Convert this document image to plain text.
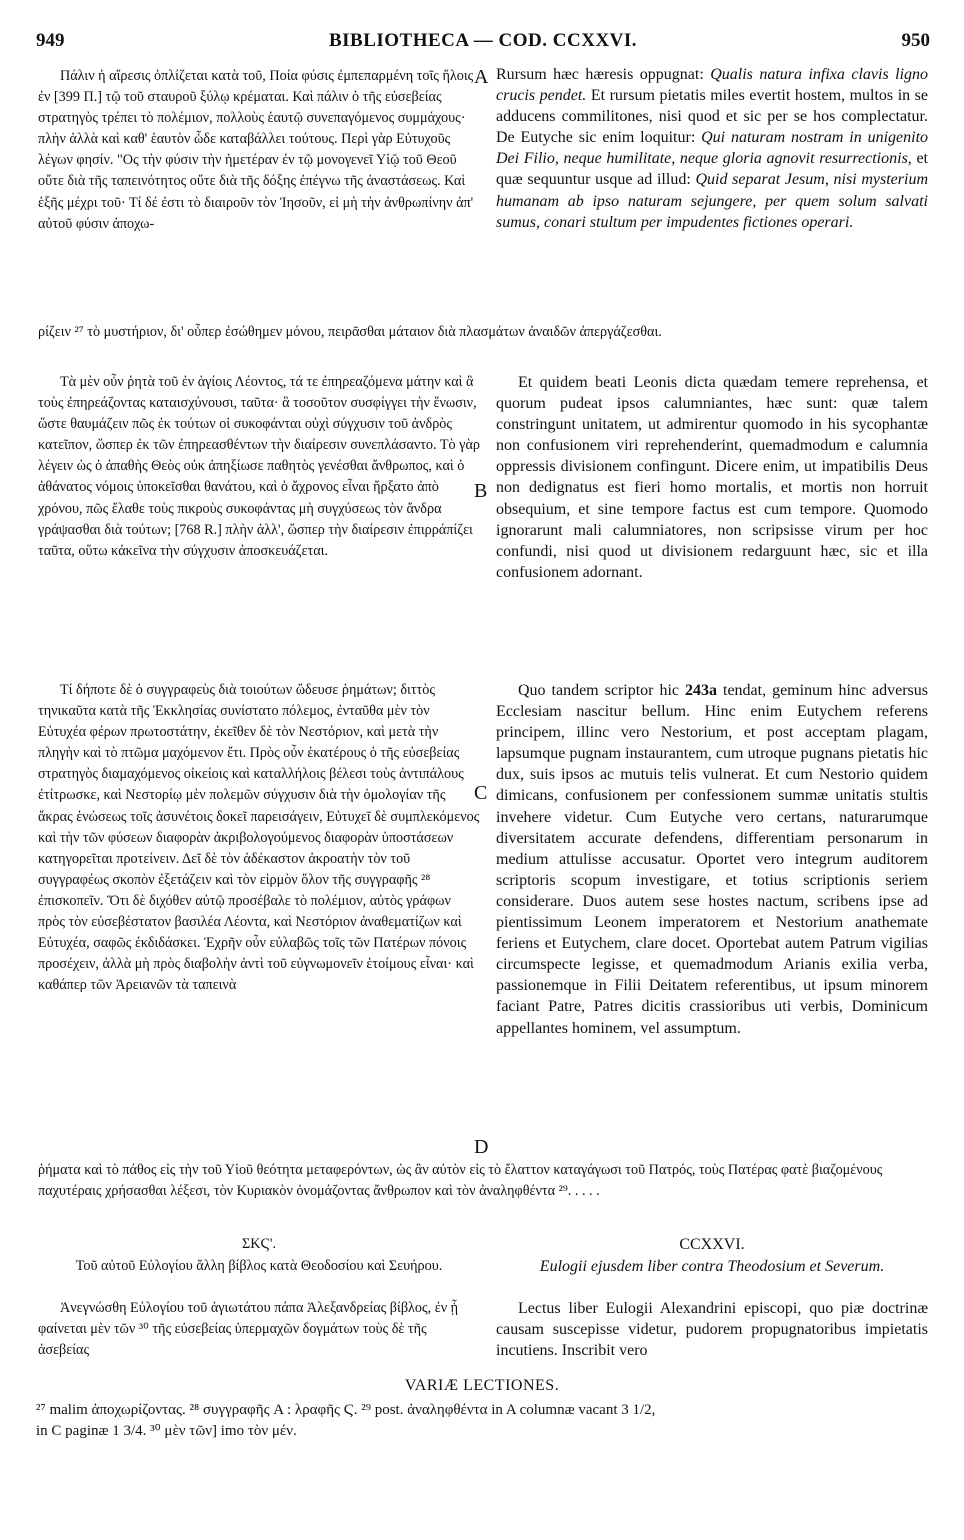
949	BIBLIOTHECA — COD. CCXXVI.	950

Πάλιν ἡ αἵρεσις ὁπλίζεται κατὰ τοῦ, Ποία φύσις ἐμπεπαρμένη τοῖς ἥλοις ἐν [399 Π.] τῷ τοῦ σταυροῦ ξύλῳ κρέμαται. Καὶ πάλιν ὁ τῆς εὐσεβείας στρατηγὸς τρέπει τὸ πολέμιον, πολλοὺς ἑαυτῷ συνεπαγόμενος συμμάχους· πλὴν ἀλλὰ καὶ καθ' ἑαυτὸν ὧδε καταβάλλει τούτους. Περὶ γὰρ Εὐτυχοῦς λέγων φησίν. "Ος τὴν φύσιν τὴν ἡμετέραν ἐν τῷ μονογενεῖ Υἱῷ τοῦ Θεοῦ οὔτε διὰ τῆς ταπεινότητος οὔτε διὰ τῆς δόξης ἐπέγνω τῆς ἀναστάσεως. Καὶ ἑξῆς μέχρι τοῦ· Τί δέ ἐστι τὸ διαιροῦν τὸν Ἰησοῦν, εἰ μὴ τὴν ἀνθρωπίνην ἀπ' αὐτοῦ φύσιν ἀποχω-

A Rursum hæc hæresis oppugnat: Qualis natura infixa clavis ligno crucis pendet. Et rursum pietatis miles evertit hostem, multos in se adducens commilitones, nisi quod et sic per se hos complectatur. De Eutyche sic enim loquitur: Qui naturam nostram in unigenito Dei Filio, neque humilitate, neque gloria agnovit resurrectionis, et quæ sequuntur usque ad illud: Quid separat Jesum, nisi mysterium humanam ab ipso naturam sejungere, per quem solum salvati sumus, conari stultum per impudentes fictiones operari.

ρίζειν ²⁷ τὸ μυστήριον, δι' οὗπερ ἐσώθημεν μόνου, πειρᾶσθαι μάταιον διὰ πλασμάτων ἀναιδῶν ἀπεργάζεσθαι.

Τὰ μὲν οὖν ῥητὰ τοῦ ἐν ἁγίοις Λέοντος, τά τε ἐπηρεαζόμενα μάτην καὶ ἃ τοὺς ἐπηρεάζοντας καταισχύνουσι, ταῦτα· ἃ τοσοῦτον συσφίγγει τὴν ἕνωσιν, ὥστε θαυμάζειν πῶς ἐκ τούτων οἱ συκοφάνται οὐχὶ σύγχυσιν τοῦ ἀνδρὸς κατεῖπον, ὥσπερ ἐκ τῶν ἐπηρεασθέντων τὴν διαίρεσιν συνεπλάσαντο. Τὸ γὰρ λέγειν ὡς ὁ ἀπαθὴς Θεὸς οὐκ ἀπηξίωσε παθητὸς γενέσθαι ἄνθρωπος, καὶ ὁ ἀθάνατος νόμοις ὑποκεῖσθαι θανάτου, καὶ ὁ ἄχρονος εἶναι ἤρξατο ἀπὸ χρόνου, πῶς ἔλαθε τοὺς πικροὺς συκοφάντας μὴ συγχύσεως τὸν ἄνδρα γράψασθαι διὰ τούτων; [768 R.] πλὴν ἀλλ', ὥσπερ τὴν διαίρεσιν ἐπιρράπίζει ταῦτα, οὕτω κἀκεῖνα τὴν σύγχυσιν ἀποσκευάζεται.

B

Et quidem beati Leonis dicta quædam temere reprehensa, et quorum pudeat ipsos calumniantes, hæc sunt: quæ talem constringunt unitatem, ut admirentur quomodo in his sycophantæ non confusionem viri reprehenderint, quemadmodum e calumnia oppressis divisionem confingunt. Dicere enim, ut impatibilis Deus non dedignatus est fieri homo mortalis, et mortis non horruit obsequium, et sine tempore factus est cum tempore. Quomodo ignorarunt mali calumniatores, non scripsisse virum per hoc confundi, nisi quod ut divisionem redarguunt hæc, sic et illa confusionem adornant.

Τί δήποτε δὲ ὁ συγγραφεὺς διὰ τοιούτων ὥδευσε ῥημάτων; διττὸς τηνικαῦτα κατὰ τῆς Ἐκκλησίας συνίστατο πόλεμος, ἐνταῦθα μὲν τὸν Εὐτυχέα φέρων πρωτοστάτην, ἐκεῖθεν δὲ τὸν Νεστόριον, καὶ μετὰ τὴν πληγὴν καὶ τὸ πτῶμα μαχόμενον ἔτι. Πρὸς οὖν ἑκατέρους ὁ τῆς εὐσεβείας στρατηγὸς διαμαχόμενος οἰκείοις καὶ καταλλήλοις βέλεσι τοὺς ἀντιπάλους ἐτίτρωσκε, καὶ Νεστορίῳ μὲν πολεμῶν σύγχυσιν διὰ τὴν ὁμολογίαν τῆς ἄκρας ἑνώσεως τοῖς ἀσυνέτοις δοκεῖ παρεισάγειν, Εὐτυχεῖ δὲ συμπλεκόμενος καὶ τὴν τῶν φύσεων διαφορὰν ἀκριβολογούμενος διαφορὰν ὑποστάσεων κατηγορεῖται προτείνειν. Δεῖ δὲ τὸν ἀδέκαστον ἀκροατὴν τὸν τοῦ συγγραφέως σκοπὸν ἐξετάζειν καὶ τὸν εἱρμὸν ὅλον τῆς συγγραφῆς ²⁸ ἐπισκοπεῖν. Ὅτι δὲ διχόθεν αὐτῷ προσέβαλε τὸ πολέμιον, αὐτὸς γράφων πρὸς τὸν εὐσεβέστατον βασιλέα Λέοντα, καὶ Νεστόριον ἀναθεματίζων καὶ Εὐτυχέα, σαφῶς ἐκδιδάσκει. Ἐχρῆν οὖν εὐλαβῶς τοῖς τῶν Πατέρων πόνοις προσέχειν, ἀλλὰ μὴ πρὸς διαβολὴν ἀντὶ τοῦ εὐγνωμονεῖν ἑτοίμους εἶναι· καὶ καθάπερ τῶν Ἀρειανῶν τὰ ταπεινὰ

C

Quo tandem scriptor hic 243a tendat, geminum hinc adversus Ecclesiam nascitur bellum. Hinc enim Eutychem referens principem, illinc vero Nestorium, et post acceptam plagam, lapsumque pugnam instaurantem, cum utroque pugnans pietatis hic dux, suis ipsos ac mutuis telis vulnerat. Et cum Nestorio quidem dimicans, confusionem per confessionem summæ unitatis stultis invehere videtur. Cum Eutyche vero certans, naturarumque diversitatem accurate defendens, differentiam personarum in medium attulisse accusatur. Oportet vero integrum auditorem scriptoris scopum investigare, et totius scriptionis seriem considerare. Duos autem sese hostes nactum, scribens ipse ad pientissimum Leonem imperatorem et Nestorium anathemate feriens et Eutychem, clare docet. Oportebat autem Patrum vigilias circumspecte legisse, et quemadmodum Arianis exilia verba, passionemque in Filii Deitatem referentibus, ut ipsum minorem faciant Patre, Patres dicitis crassioribus uti verbis, Dominicum appellantes hominem, vel assumptum.

D

ῥήματα καὶ τὸ πάθος εἰς τὴν τοῦ Υἱοῦ θεότητα μεταφερόντων, ὡς ἂν αὐτὸν εἰς τὸ ἔλαττον καταγάγωσι τοῦ Πατρός, τοὺς Πατέρας φατὲ βιαζομένους παχυτέραις χρήσασθαι λέξεσι, τὸν Κυριακὸν ὀνομάζοντας ἄνθρωπον καὶ τὸν ἀναληφθέντα ²⁹. . . . .

ΣΚϚ'.

Τοῦ αὐτοῦ Εὐλογίου ἄλλη βίβλος κατὰ Θεοδοσίου καὶ Σευήρου.

CCXXVI.

Eulogii ejusdem liber contra Theodosium et Severum.

Ἀνεγνώσθη Εὐλογίου τοῦ ἁγιωτάτου πάπα Ἀλεξανδρείας βίβλος, ἐν ᾗ φαίνεται μὲν τῶν ³⁰ τῆς εὐσεβείας ὑπερμαχῶν δογμάτων τοὺς δὲ τῆς ἀσεβείας

Lectus liber Eulogii Alexandrini episcopi, quo piæ doctrinæ causam suscepisse videtur, pudorem propugnatoribus impietatis incutiens. Inscribit vero

VARIÆ LECTIONES.
²⁷ malim ἀποχωρίζοντας. ²⁸ συγγραφῆς A : λραφῆς Ϛ. ²⁹ post. ἀναληφθέντα in A columnæ vacant 3 1/2,
in C paginæ 1 3/4. ³⁰ μὲν τῶν] imo τὸν μέν.
